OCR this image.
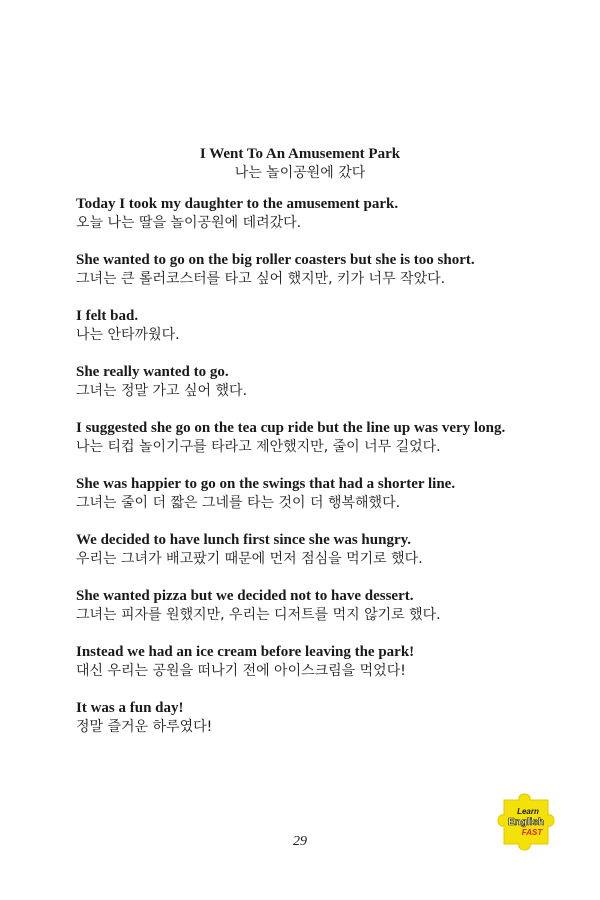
I Went To An Amusement Park
나는 놀이공원에 갔다
Today I took my daughter to the amusement park.
오늘 나는 딸을 놀이공원에 데려갔다.
She wanted to go on the big roller coasters but she is too short.
그녀는 큰 롤러코스터를 타고 싶어 했지만, 키가 너무 작았다.
I felt bad.
나는 안타까웠다.
She really wanted to go.
그녀는 정말 가고 싶어 했다.
I suggested she go on the tea cup ride but the line up was very long.
나는 티컵 놀이기구를 타라고 제안했지만, 줄이 너무 길었다.
She was happier to go on the swings that had a shorter line.
그녀는 줄이 더 짧은 그네를 타는 것이 더 행복해했다.
We decided to have lunch first since she was hungry.
우리는 그녀가 배고팠기 때문에 먼저 점심을 먹기로 했다.
She wanted pizza but we decided not to have dessert.
그녀는 피자를 원했지만, 우리는 디저트를 먹지 않기로 했다.
Instead we had an ice cream before leaving the park!
대신 우리는 공원을 떠나기 전에 아이스크림을 먹었다!
It was a fun day!
정말 즐거운 하루였다!
29
Learn
English
FAST
